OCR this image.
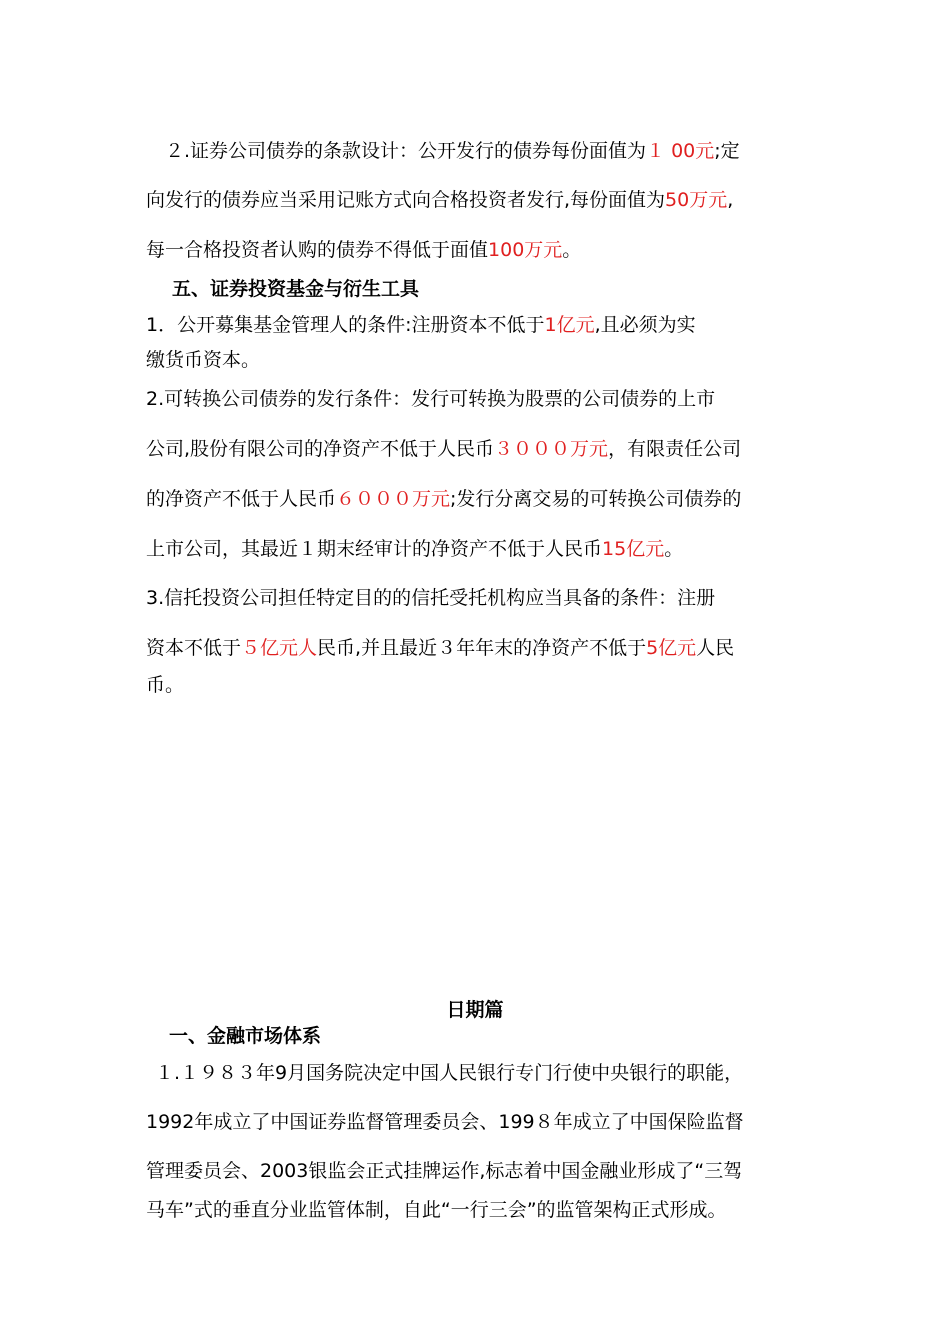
　２.证券公司债券的条款设计：公开发行的债券每份面值为１ 00元;定
向发行的债券应当采用记账方式向合格投资者发行,每份面值为50万元,
每一合格投资者认购的债券不得低于面值100万元。
五、证券投资基金与衍生工具
1．公开募集基金管理人的条件:注册资本不低于1亿元,且必须为实
缴货币资本。
2.可转换公司债券的发行条件：发行可转换为股票的公司债券的上市
公司,股份有限公司的净资产不低于人民币３０００万元，有限责任公司
的净资产不低于人民币６０００万元;发行分离交易的可转换公司债券的
上市公司，其最近１期末经审计的净资产不低于人民币15亿元。
3.信托投资公司担任特定目的的信托受托机构应当具备的条件：注册
资本不低于５亿元人民币,并且最近３年年末的净资产不低于5亿元人民
币。
日期篇
　一、金融市场体系
１.１９８３年9月国务院决定中国人民银行专门行使中央银行的职能，
1992年成立了中国证券监督管理委员会、199８年成立了中国保险监督
管理委员会、2003银监会正式挂牌运作,标志着中国金融业形成了“三驾
马车”式的垂直分业监管体制，自此“一行三会”的监管架构正式形成。
